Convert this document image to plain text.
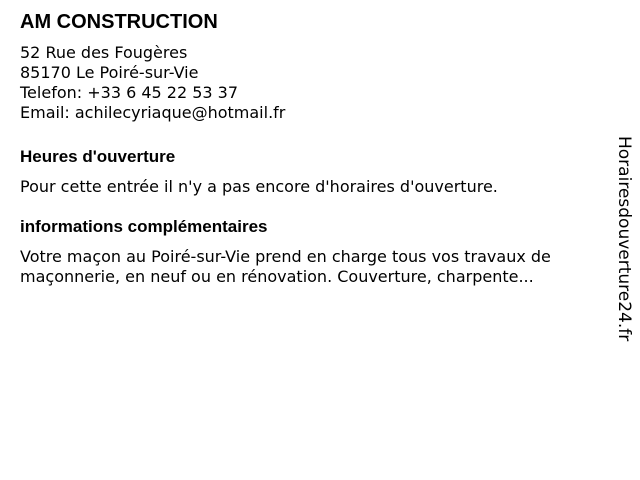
AM CONSTRUCTION
52 Rue des Fougères
85170 Le Poiré-sur-Vie
Telefon: +33 6 45 22 53 37
Email: achilecyriaque@hotmail.fr
Heures d'ouverture
Pour cette entrée il n'y a pas encore d'horaires d'ouverture.
informations complémentaires
Votre maçon au Poiré-sur-Vie prend en charge tous vos travaux de maçonnerie, en neuf ou en rénovation. Couverture, charpente...	Horairesdouverture24.fr
